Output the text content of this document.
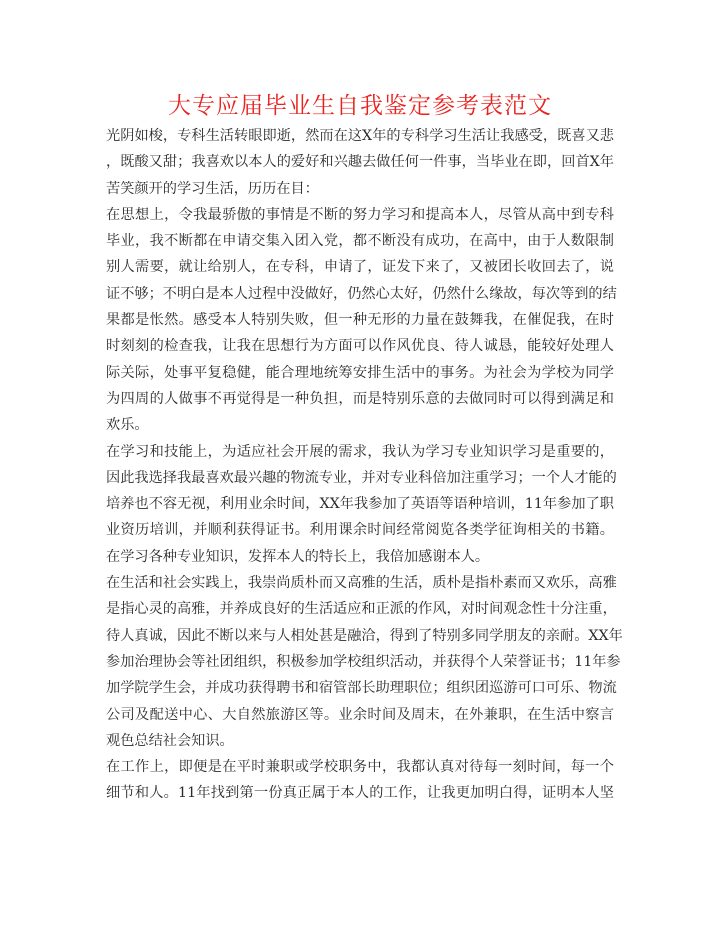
大专应届毕业生自我鉴定参考表范文
光阴如梭，专科生活转眼即逝，然而在这X年的专科学习生活让我感受，既喜又悲
，既酸又甜；我喜欢以本人的爱好和兴趣去做任何一件事，当毕业在即，回首X年
苦笑颜开的学习生活，历历在目：
在思想上，令我最骄傲的事情是不断的努力学习和提高本人，尽管从高中到专科
毕业，我不断都在申请交集入团入党，都不断没有成功，在高中，由于人数限制
别人需要，就让给别人，在专科，申请了，证发下来了，又被团长收回去了，说
证不够；不明白是本人过程中没做好，仍然心太好，仍然什么缘故，每次等到的结
果都是怅然。感受本人特别失败，但一种无形的力量在鼓舞我，在催促我，在时
时刻刻的检查我，让我在思想行为方面可以作风优良、待人诚恳，能较好处理人
际关际，处事平复稳健，能合理地统筹安排生活中的事务。为社会为学校为同学
为四周的人做事不再觉得是一种负担，而是特别乐意的去做同时可以得到满足和
欢乐。
在学习和技能上，为适应社会开展的需求，我认为学习专业知识学习是重要的，
因此我选择我最喜欢最兴趣的物流专业，并对专业科倍加注重学习；一个人才能的
培养也不容无视，利用业余时间，XX年我参加了英语等语种培训，11年参加了职
业资历培训，并顺利获得证书。利用课余时间经常阅览各类学征询相关的书籍。
在学习各种专业知识，发挥本人的特长上，我倍加感谢本人。
在生活和社会实践上，我崇尚质朴而又高雅的生活，质朴是指朴素而又欢乐，高雅
是指心灵的高雅，并养成良好的生活适应和正派的作风，对时间观念性十分注重，
待人真诚，因此不断以来与人相处甚是融洽，得到了特别多同学朋友的亲耐。XX年
参加治理协会等社团组织，积极参加学校组织活动，并获得个人荣誉证书；11年参
加学院学生会，并成功获得聘书和宿管部长助理职位；组织团巡游可口可乐、物流
公司及配送中心、大自然旅游区等。业余时间及周末，在外兼职，在生活中察言
观色总结社会知识。
在工作上，即便是在平时兼职或学校职务中，我都认真对待每一刻时间，每一个
细节和人。11年找到第一份真正属于本人的工作，让我更加明白得，证明本人坚
